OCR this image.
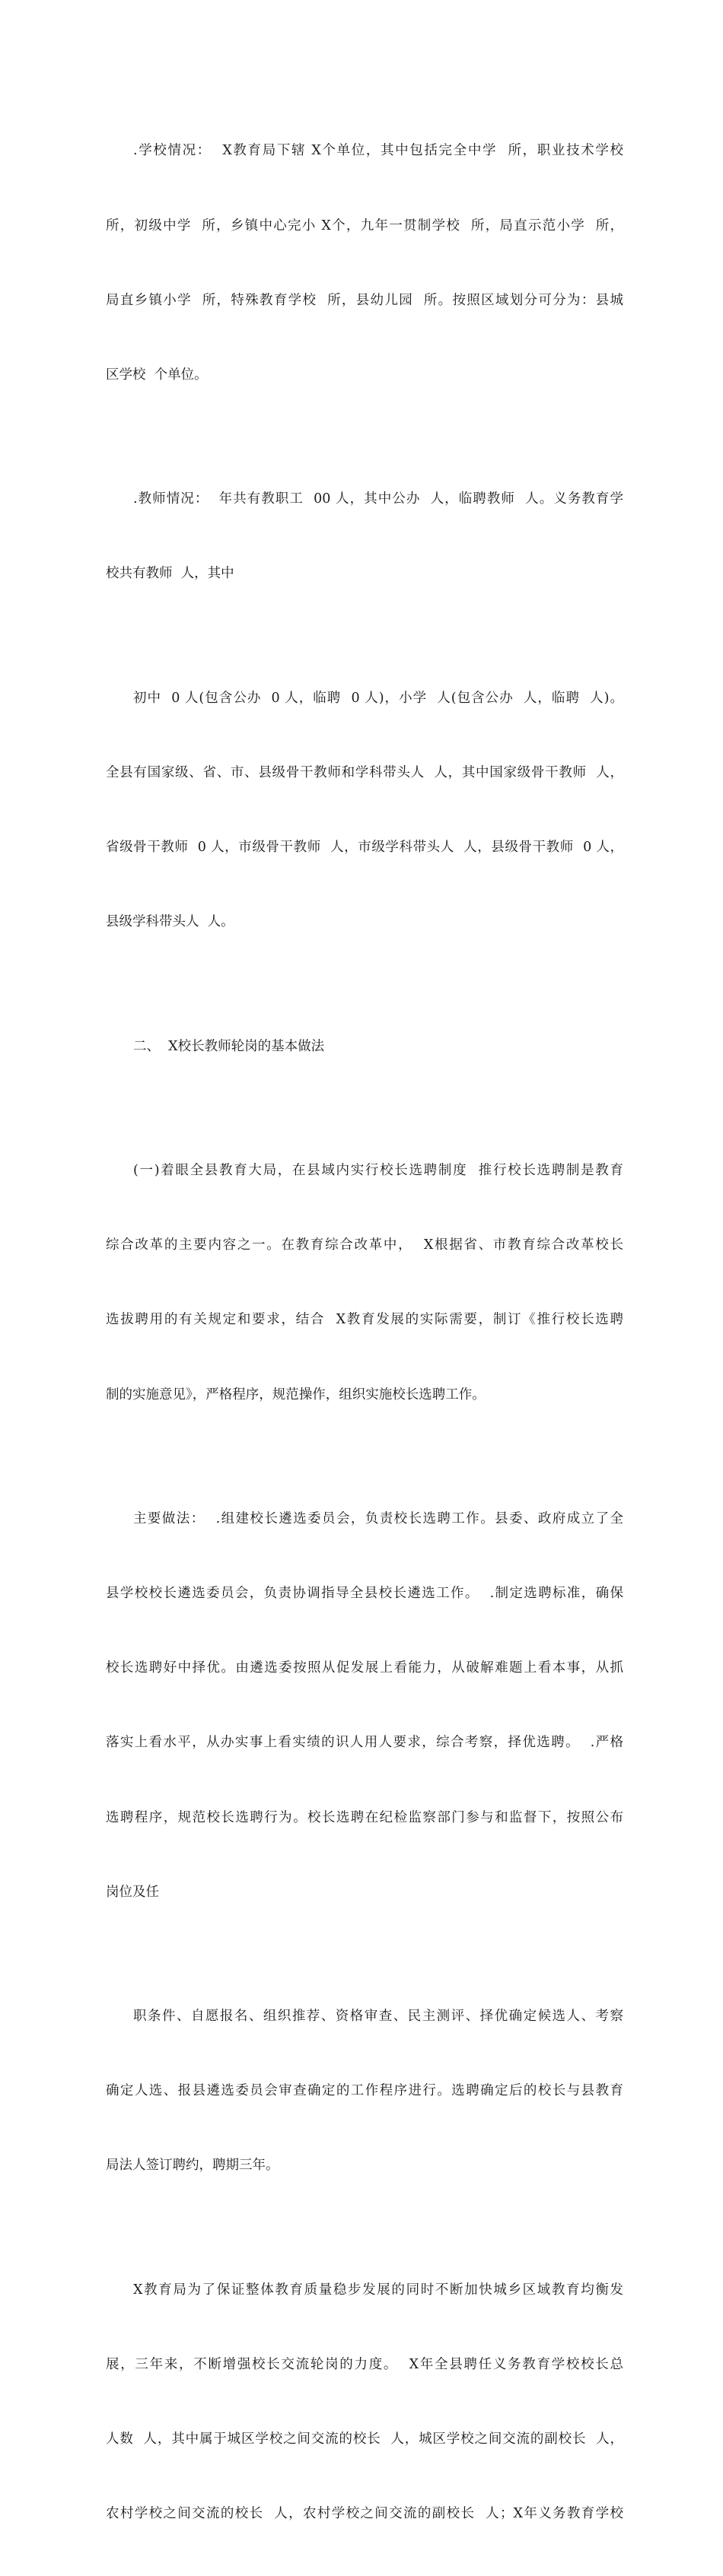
.学校情况：  X教育局下辖 X个单位，其中包括完全中学  所，职业技术学校

所，初级中学  所，乡镇中心完小 X个，九年一贯制学校  所，局直示范小学  所，

局直乡镇小学  所，特殊教育学校  所，县幼儿园  所。按照区域划分可分为：县城

区学校  个单位。

.教师情况：  年共有教职工  00 人，其中公办  人，临聘教师  人。义务教育学

校共有教师  人，其中

初中  0 人(包含公办  0 人，临聘  0 人)，小学  人(包含公办  人，临聘  人)。

全县有国家级、省、市、县级骨干教师和学科带头人  人，其中国家级骨干教师  人，

省级骨干教师  0 人，市级骨干教师  人，市级学科带头人  人，县级骨干教师  0 人，

县级学科带头人  人。

二、  X校长教师轮岗的基本做法

(一)着眼全县教育大局，在县域内实行校长选聘制度  推行校长选聘制是教育

综合改革的主要内容之一。在教育综合改革中，  X根据省、市教育综合改革校长

选拔聘用的有关规定和要求，结合  X教育发展的实际需要，制订《推行校长选聘

制的实施意见》，严格程序，规范操作，组织实施校长选聘工作。

主要做法：  .组建校长遴选委员会，负责校长选聘工作。县委、政府成立了全

县学校校长遴选委员会，负责协调指导全县校长遴选工作。  .制定选聘标准，确保

校长选聘好中择优。由遴选委按照从促发展上看能力，从破解难题上看本事，从抓

落实上看水平，从办实事上看实绩的识人用人要求，综合考察，择优选聘。  .严格

选聘程序，规范校长选聘行为。校长选聘在纪检监察部门参与和监督下，按照公布

岗位及任

职条件、自愿报名、组织推荐、资格审查、民主测评、择优确定候选人、考察

确定人选、报县遴选委员会审查确定的工作程序进行。选聘确定后的校长与县教育

局法人签订聘约，聘期三年。

X教育局为了保证整体教育质量稳步发展的同时不断加快城乡区域教育均衡发

展，三年来，不断增强校长交流轮岗的力度。  X年全县聘任义务教育学校校长总

人数  人，其中属于城区学校之间交流的校长  人，城区学校之间交流的副校长  人，

农村学校之间交流的校长  人，农村学校之间交流的副校长  人；X年义务教育学校
